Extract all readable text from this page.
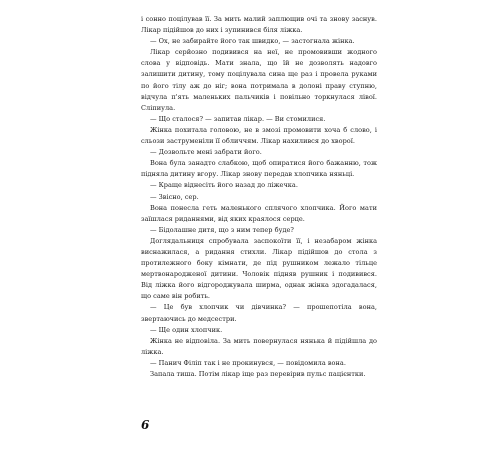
і сонно поцілував її. За мить малий заплющив очі та знову заснув. Лікар підійшов до них і зупинився біля ліжка.

— Ох, не забирайте його так швидко, — застогнала жінка.

Лікар серйозно подивився на неї, не промовивши жодного слова у відповідь. Мати знала, що їй не дозволять надовго залишити дитину, тому поцілувала сина ще раз і провела руками по його тілу аж до ніг; вона потримала в долоні праву ступню, відчула п'ять маленьких пальчиків і повільно торкнулася лівої. Сліпиула.

— Що сталося? — запитав лікар. — Ви стомилися.

Жінка похитала головою, не в змозі промовити хоча б слово, і сльози заструменіли її обличчям. Лікар нахилився до хворої.

— Дозвольте мені забрати його.

Вона була занадто слабкою, щоб опиратися його бажанню, тож підняла дитину вгору. Лікар знову передав хлопчика няньці.

— Краще віднесіть його назад до ліжечка.

— Звісно, сер.

Вона понесла геть маленького сплячого хлопчика. Його мати заїшлася риданнями, від яких краялося серце.

— Бідолашне дитя, що з ним тепер буде?

Доглядальниця спробувала заспокоїти її, і незабаром жінка виснажилася, а ридання стихли. Лікар підійшов до стола з протилежного боку кімнати, де під рушником лежало тільце мертвонародженої дитини. Чоловік підняв рушник і подивився. Від ліжка його відгороджувала ширма, однак жінка здогадалася, що саме він робить.

— Це був хлопчик чи дівчинка? — прошепотіла вона, звертаючись до медсестри.

— Ще один хлопчик.

Жінка не відповіла. За мить повернулася нянька й підійшла до ліжка.

— Панич Філіп так і не прокинувся, — повідомила вона.

Запала тиша. Потім лікар іще раз перевірив пульс пацієнтки.

6
